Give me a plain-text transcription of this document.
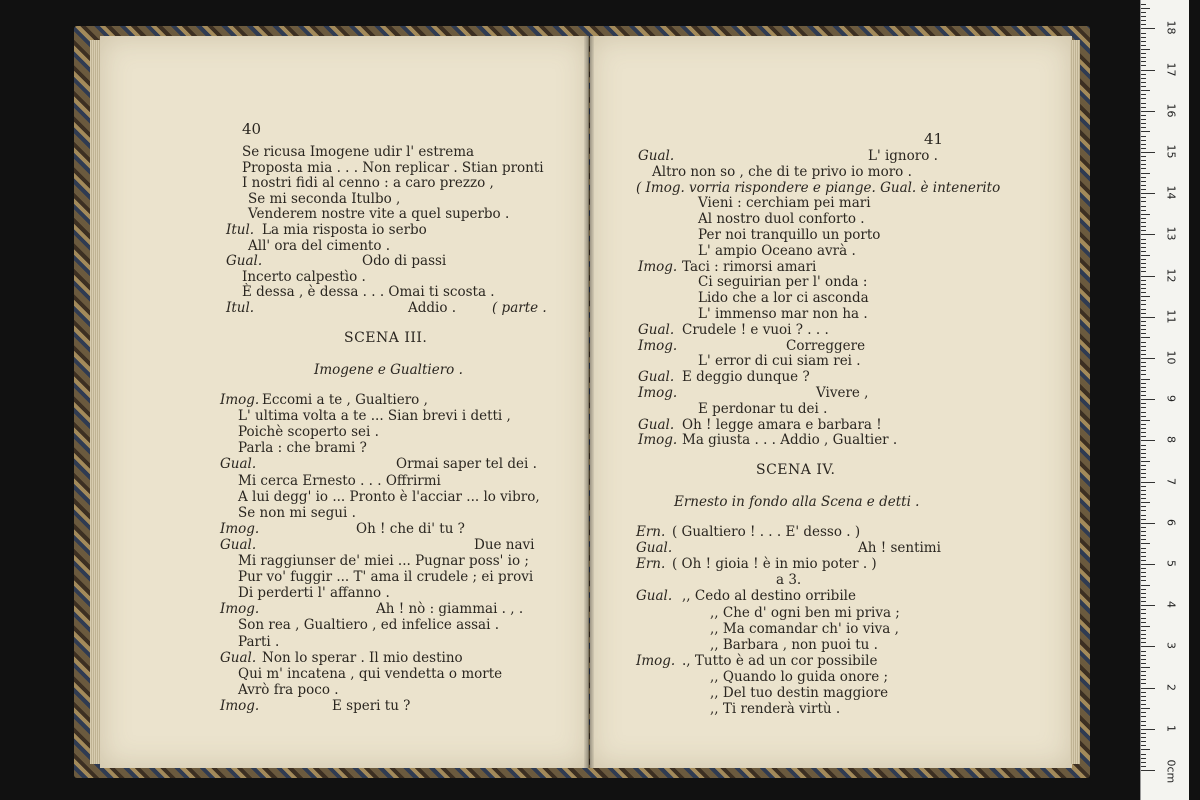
40
Se ricusa Imogene udir l' estrema
Proposta mia . . . Non replicar . Stian pronti
I nostri fidi al cenno : a caro prezzo ,
Se mi seconda Itulbo ,
Venderem nostre vite a quel superbo .
Itul. La mia risposta io serbo
All' ora del cimento .
Gual.	Odo di passi
Incerto calpestìo .
È dessa , è dessa . . . Omai ti scosta .
Itul.	Addio .	( parte .
SCENA III.
Imogene e Gualtiero .
Imog. Eccomi a te , Gualtiero ,
L' ultima volta a te ... Sian brevi i detti ,
Poichè scoperto sei .
Parla : che brami ?
Gual.	Ormai saper tel dei .
Mi cerca Ernesto . . . Offrirmi
A lui degg' io ... Pronto è l'acciar ... lo vibro,
Se non mi segui .
Imog.	Oh ! che di' tu ?
Gual.	Due navi
Mi raggiunser de' miei ... Pugnar poss' io ;
Pur vo' fuggir ... T' ama il crudele ; ei provi
Di perderti l' affanno .
Imog.	Ah ! nò : giammai . , .
Son rea , Gualtiero , ed infelice assai .
Parti .
Gual. Non lo sperar . Il mio destino
Qui m' incatena , qui vendetta o morte
Avrò fra poco .
Imog.	E speri tu ?
41
Gual.	L' ignoro .
Altro non so , che di te privo io moro .
( Imog. vorria rispondere e piange. Gual. è intenerito
Vieni : cerchiam pei mari
Al nostro duol conforto .
Per noi tranquillo un porto
L' ampio Oceano avrà .
Imog. Taci : rimorsi amari
Ci seguirian per l' onda :
Lido che a lor ci asconda
L' immenso mar non ha .
Gual. Crudele ! e vuoi ? . . .
Imog.	Correggere
L' error di cui siam rei .
Gual. E deggio dunque ?
Imog.	Vivere ,
E perdonar tu dei .
Gual. Oh ! legge amara e barbara !
Imog. Ma giusta . . . Addio , Gualtier .
SCENA IV.
Ernesto in fondo alla Scena e detti .
Ern. ( Gualtiero ! . . . E' desso . )
Gual.	Ah ! sentimi
Ern. ( Oh ! gioia ! è in mio poter . )
a 3.
Gual. ,, Cedo al destino orribile
,, Che d' ogni ben mi priva ;
,, Ma comandar ch' io viva ,
,, Barbara , non puoi tu .
Imog. ., Tutto è ad un cor possibile
,, Quando lo guida onore ;
,, Del tuo destin maggiore
,, Ti renderà virtù .
0cm
1
2
3
4
5
6
7
8
9
10
11
12
13
14
15
16
17
18
